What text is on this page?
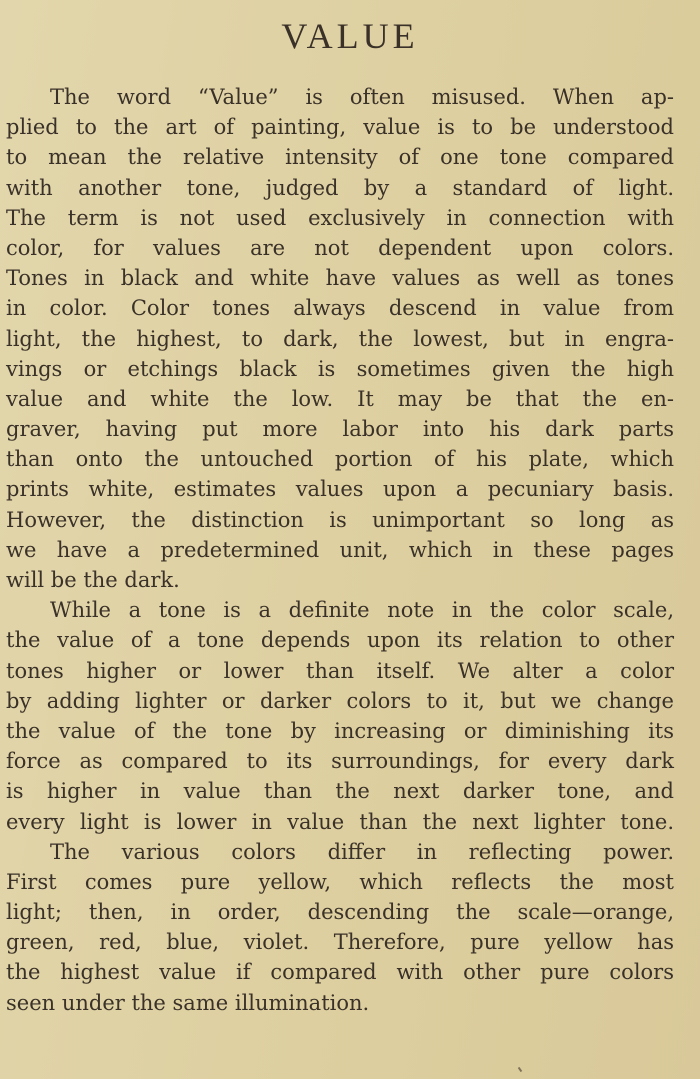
VALUE
The word “Value” is often misused. When ap-
plied to the art of painting, value is to be understood
to mean the relative intensity of one tone compared
with another tone, judged by a standard of light.
The term is not used exclusively in connection with
color, for values are not dependent upon colors.
Tones in black and white have values as well as tones
in color. Color tones always descend in value from
light, the highest, to dark, the lowest, but in engra-
vings or etchings black is sometimes given the high
value and white the low. It may be that the en-
graver, having put more labor into his dark parts
than onto the untouched portion of his plate, which
prints white, estimates values upon a pecuniary basis.
However, the distinction is unimportant so long as
we have a predetermined unit, which in these pages
will be the dark.
While a tone is a definite note in the color scale,
the value of a tone depends upon its relation to other
tones higher or lower than itself. We alter a color
by adding lighter or darker colors to it, but we change
the value of the tone by increasing or diminishing its
force as compared to its surroundings, for every dark
is higher in value than the next darker tone, and
every light is lower in value than the next lighter tone.
The various colors differ in reflecting power.
First comes pure yellow, which reflects the most
light; then, in order, descending the scale—orange,
green, red, blue, violet. Therefore, pure yellow has
the highest value if compared with other pure colors
seen under the same illumination.
